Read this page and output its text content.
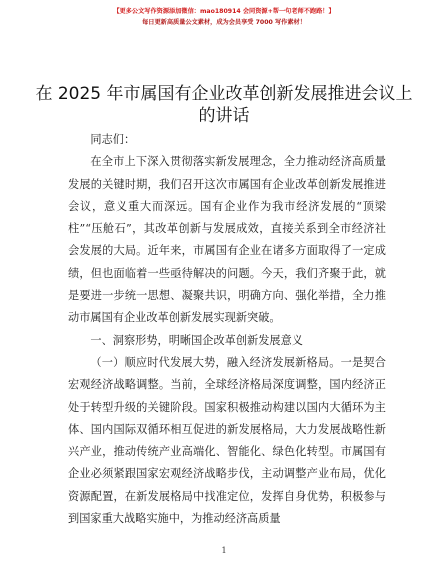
【更多公文写作资源添加微信：mao180914 会同资源+帮一句老师不跑路！】
每日更新高质量公文素材，成为会员享受 7000 写作素材！
在 2025 年市属国有企业改革创新发展推进会议上的讲话

同志们：

在全市上下深入贯彻落实新发展理念，全力推动经济高质量发展的关键时期，我们召开这次市属国有企业改革创新发展推进会议，意义重大而深远。国有企业作为我市经济发展的“顶梁柱”“压舱石”，其改革创新与发展成效，直接关系到全市经济社会发展的大局。近年来，市属国有企业在诸多方面取得了一定成绩，但也面临着一些亟待解决的问题。今天，我们齐聚于此，就是要进一步统一思想、凝聚共识，明确方向、强化举措，全力推动市属国有企业改革创新发展实现新突破。

一、洞察形势，明晰国企改革创新发展意义

（一）顺应时代发展大势，融入经济发展新格局。一是契合宏观经济战略调整。当前，全球经济格局深度调整，国内经济正处于转型升级的关键阶段。国家积极推动构建以国内大循环为主体、国内国际双循环相互促进的新发展格局，大力发展战略性新兴产业，推动传统产业高端化、智能化、绿色化转型。市属国有企业必须紧跟国家宏观经济战略步伐，主动调整产业布局，优化资源配置，在新发展格局中找准定位，发挥自身优势，积极参与到国家重大战略实施中，为推动经济高质量

1
